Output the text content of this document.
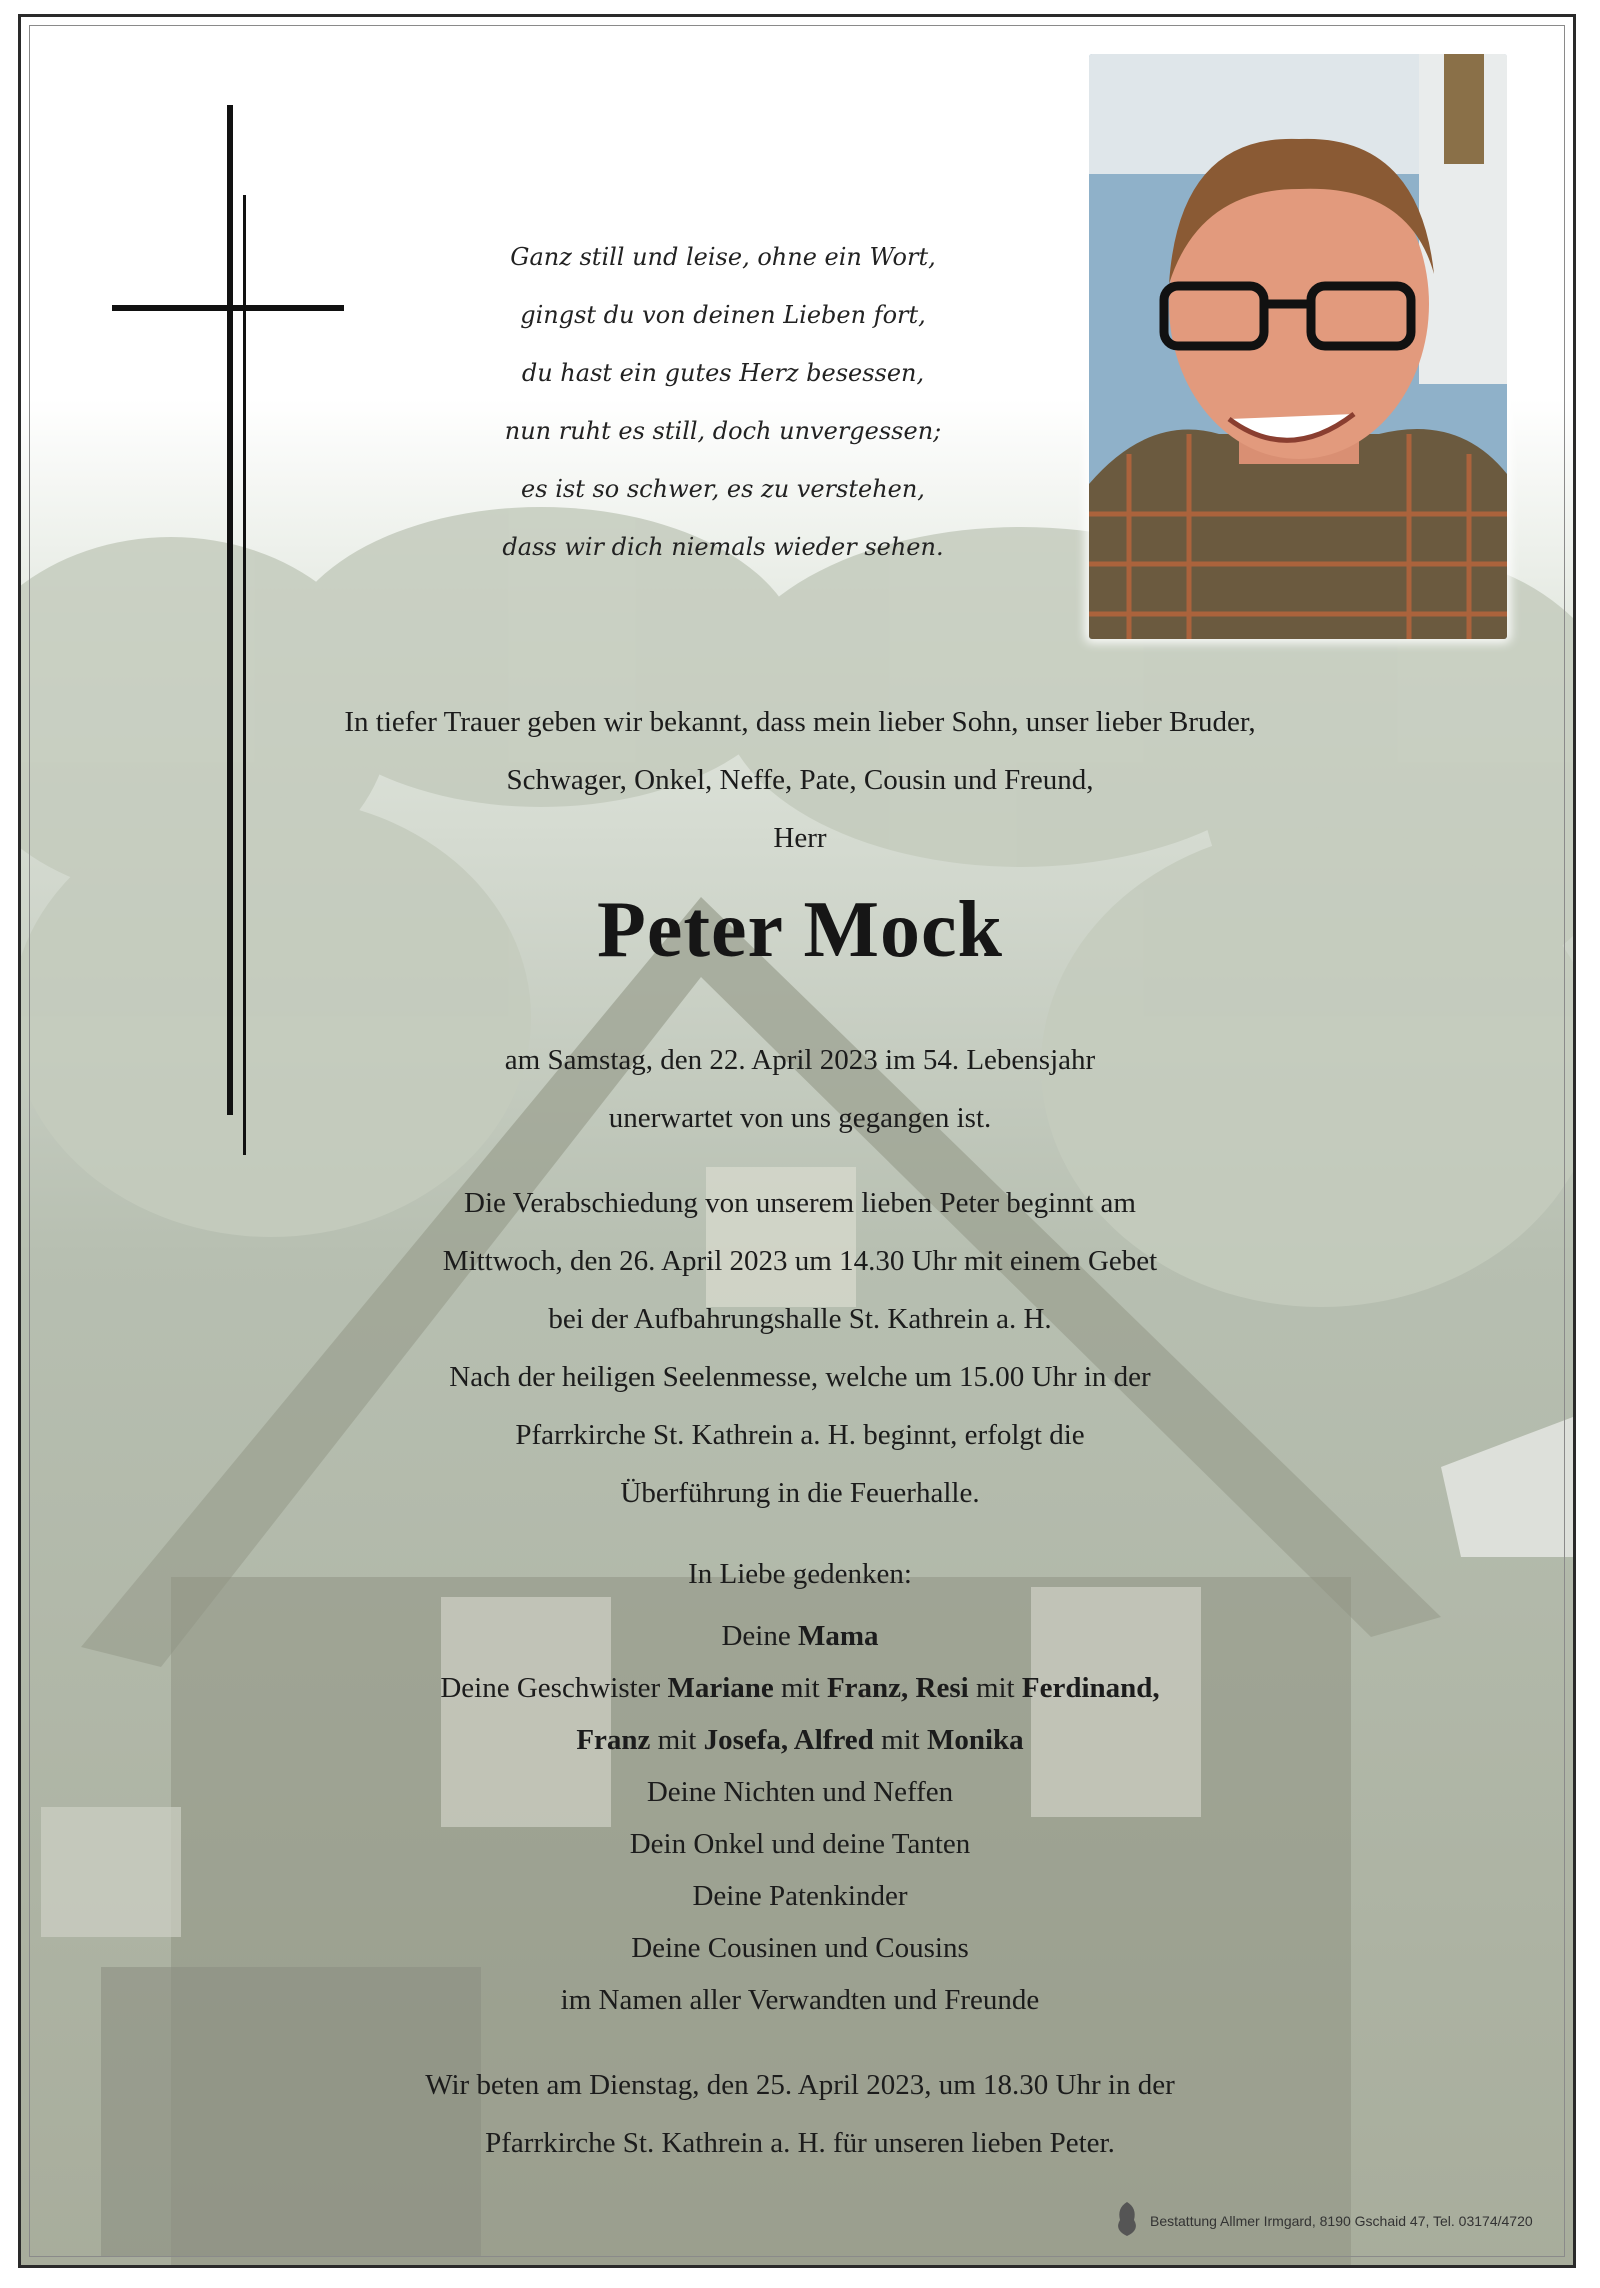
Ganz still und leise, ohne ein Wort,
gingst du von deinen Lieben fort,
du hast ein gutes Herz besessen,
nun ruht es still, doch unvergessen;
es ist so schwer, es zu verstehen,
dass wir dich niemals wieder sehen.
In tiefer Trauer geben wir bekannt, dass mein lieber Sohn, unser lieber Bruder,
Schwager, Onkel, Neffe, Pate, Cousin und Freund,
Herr
Peter Mock
am Samstag, den 22. April 2023 im 54. Lebensjahr
unerwartet von uns gegangen ist.
Die Verabschiedung von unserem lieben Peter beginnt am
Mittwoch, den 26. April 2023 um 14.30 Uhr mit einem Gebet
bei der Aufbahrungshalle St. Kathrein a. H.
Nach der heiligen Seelenmesse, welche um 15.00 Uhr in der
Pfarrkirche St. Kathrein a. H. beginnt, erfolgt die
Überführung in die Feuerhalle.
In Liebe gedenken:
Deine Mama
Deine Geschwister Mariane mit Franz, Resi mit Ferdinand,
Franz mit Josefa, Alfred mit Monika
Deine Nichten und Neffen
Dein Onkel und deine Tanten
Deine Patenkinder
Deine Cousinen und Cousins
im Namen aller Verwandten und Freunde
Wir beten am Dienstag, den 25. April 2023, um 18.30 Uhr in der
Pfarrkirche St. Kathrein a. H. für unseren lieben Peter.
Bestattung Allmer Irmgard, 8190 Gschaid 47, Tel. 03174/4720
